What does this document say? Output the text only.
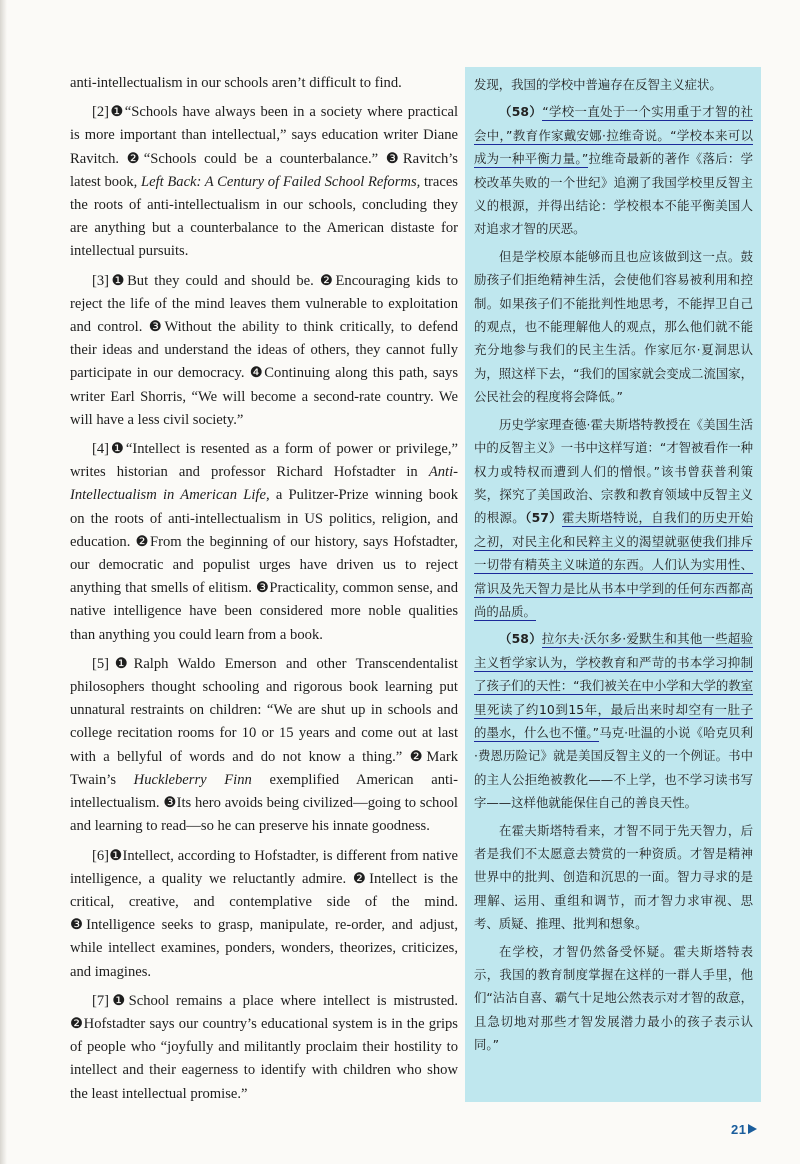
anti-intellectualism in our schools aren’t difficult to find.

[2]❶“Schools have always been in a society where practical is more important than intellectual,” says education writer Diane Ravitch. ❷“Schools could be a counterbalance.” ❸Ravitch’s latest book, Left Back: A Century of Failed School Reforms, traces the roots of anti-intellectualism in our schools, concluding they are anything but a counterbalance to the American distaste for intellectual pursuits.

[3]❶But they could and should be. ❷Encouraging kids to reject the life of the mind leaves them vulnerable to exploitation and control. ❸Without the ability to think critically, to defend their ideas and understand the ideas of others, they cannot fully participate in our democracy. ❹Continuing along this path, says writer Earl Shorris, “We will become a second-rate country. We will have a less civil society.”

[4]❶“Intellect is resented as a form of power or privilege,” writes historian and professor Richard Hofstadter in Anti-Intellectualism in American Life, a Pulitzer-Prize winning book on the roots of anti-intellectualism in US politics, religion, and education. ❷From the beginning of our history, says Hofstadter, our democratic and populist urges have driven us to reject anything that smells of elitism. ❸Practicality, common sense, and native intelligence have been considered more noble qualities than anything you could learn from a book.

[5]❶Ralph Waldo Emerson and other Transcendentalist philosophers thought schooling and rigorous book learning put unnatural restraints on children: “We are shut up in schools and college recitation rooms for 10 or 15 years and come out at last with a bellyful of words and do not know a thing.” ❷Mark Twain’s Huckleberry Finn exemplified American anti-intellectualism. ❸Its hero avoids being civilized—going to school and learning to read—so he can preserve his innate goodness.

[6]❶Intellect, according to Hofstadter, is different from native intelligence, a quality we reluctantly admire. ❷Intellect is the critical, creative, and contemplative side of the mind. ❸Intelligence seeks to grasp, manipulate, re-order, and adjust, while intellect examines, ponders, wonders, theorizes, criticizes, and imagines.

[7]❶School remains a place where intellect is mistrusted. ❷Hofstadter says our country’s educational system is in the grips of people who “joyfully and militantly proclaim their hostility to intellect and their eagerness to identify with children who show the least intellectual promise.”

发现，我国的学校中普遍存在反智主义症状。

（58）“学校一直处于一个实用重于才智的社会中，”教育作家戴安娜·拉维奇说。“学校本来可以成为一种平衡力量。”拉维奇最新的著作《落后：学校改革失败的一个世纪》追溯了我国学校里反智主义的根源，并得出结论：学校根本不能平衡美国人对追求才智的厌恶。

但是学校原本能够而且也应该做到这一点。鼓励孩子们拒绝精神生活，会使他们容易被利用和控制。如果孩子们不能批判性地思考，不能捍卫自己的观点，也不能理解他人的观点，那么他们就不能充分地参与我们的民主生活。作家厄尔·夏洞思认为，照这样下去，“我们的国家就会变成二流国家，公民社会的程度将会降低。”

历史学家理查德·霍夫斯塔特教授在《美国生活中的反智主义》一书中这样写道：“才智被看作一种权力或特权而遭到人们的憎恨。”该书曾获普利策奖，探究了美国政治、宗教和教育领域中反智主义的根源。（57）霍夫斯塔特说，自我们的历史开始之初，对民主化和民粹主义的渴望就驱使我们排斥一切带有精英主义味道的东西。人们认为实用性、常识及先天智力是比从书本中学到的任何东西都高尚的品质。

（58）拉尔夫·沃尔多·爱默生和其他一些超验主义哲学家认为，学校教育和严苛的书本学习抑制了孩子们的天性：“我们被关在中小学和大学的教室里死读了约10到15年，最后出来时却空有一肚子的墨水，什么也不懂。”马克·吐温的小说《哈克贝利·费恩历险记》就是美国反智主义的一个例证。书中的主人公拒绝被教化——不上学，也不学习读书写字——这样他就能保住自己的善良天性。

在霍夫斯塔特看来，才智不同于先天智力，后者是我们不太愿意去赞赏的一种资质。才智是精神世界中的批判、创造和沉思的一面。智力寻求的是理解、运用、重组和调节，而才智力求审视、思考、质疑、推理、批判和想象。

在学校，才智仍然备受怀疑。霍夫斯塔特表示，我国的教育制度掌握在这样的一群人手里，他们“沾沾自喜、霸气十足地公然表示对才智的敌意，且急切地对那些才智发展潜力最小的孩子表示认同。”

21
